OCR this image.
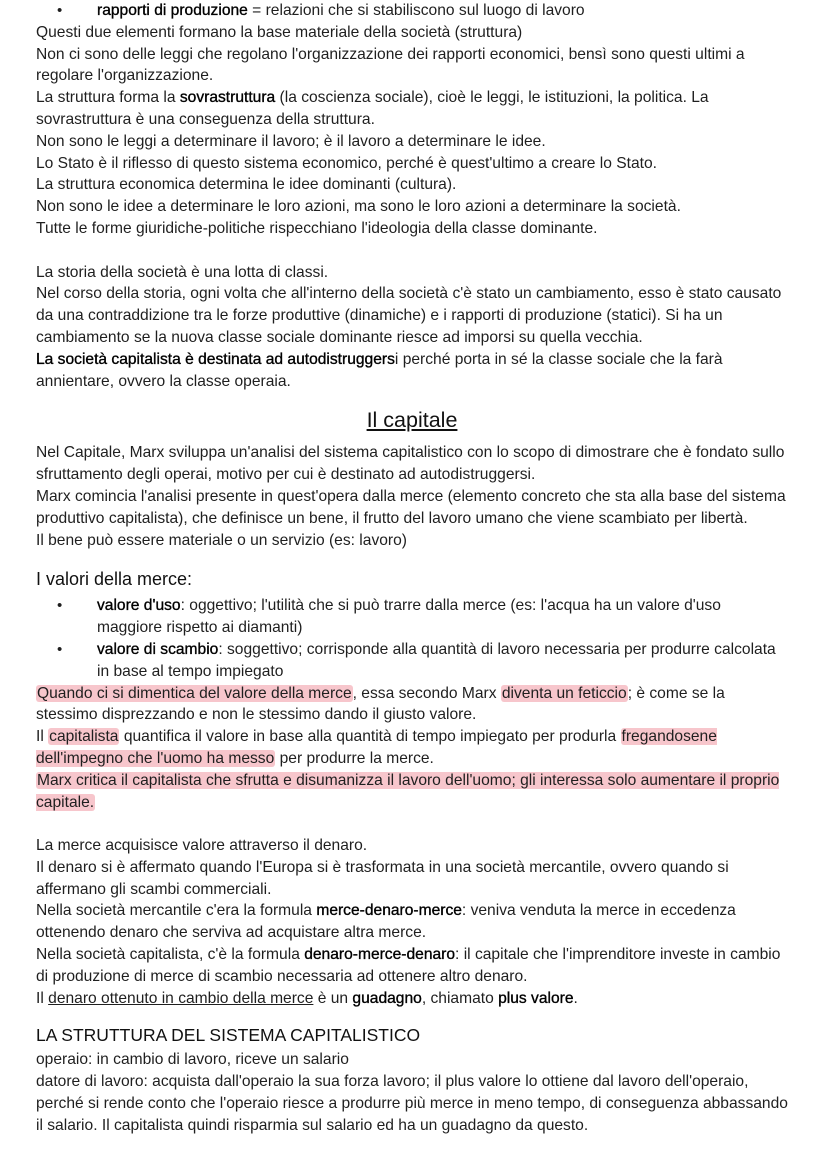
• rapporti di produzione = relazioni che si stabiliscono sul luogo di lavoro

Questi due elementi formano la base materiale della società (struttura)

Non ci sono delle leggi che regolano l'organizzazione dei rapporti economici, bensì sono questi ultimi a regolare l'organizzazione.

La struttura forma la sovrastruttura (la coscienza sociale), cioè le leggi, le istituzioni, la politica. La sovrastruttura è una conseguenza della struttura.

Non sono le leggi a determinare il lavoro; è il lavoro a determinare le idee.

Lo Stato è il riflesso di questo sistema economico, perché è quest'ultimo a creare lo Stato.

La struttura economica determina le idee dominanti (cultura).

Non sono le idee a determinare le loro azioni, ma sono le loro azioni a determinare la società.

Tutte le forme giuridiche-politiche rispecchiano l'ideologia della classe dominante.

La storia della società è una lotta di classi.

Nel corso della storia, ogni volta che all'interno della società c'è stato un cambiamento, esso è stato causato da una contraddizione tra le forze produttive (dinamiche) e i rapporti di produzione (statici). Si ha un cambiamento se la nuova classe sociale dominante riesce ad imporsi su quella vecchia.

La società capitalista è destinata ad autodistruggersi perché porta in sé la classe sociale che la farà annientare, ovvero la classe operaia.

Il capitale

Nel Capitale, Marx sviluppa un'analisi del sistema capitalistico con lo scopo di dimostrare che è fondato sullo sfruttamento degli operai, motivo per cui è destinato ad autodistruggersi.

Marx comincia l'analisi presente in quest'opera dalla merce (elemento concreto che sta alla base del sistema produttivo capitalista), che definisce un bene, il frutto del lavoro umano che viene scambiato per libertà.

Il bene può essere materiale o un servizio (es: lavoro)

I valori della merce:
• valore d'uso: oggettivo; l'utilità che si può trarre dalla merce (es: l'acqua ha un valore d'uso maggiore rispetto ai diamanti)
• valore di scambio: soggettivo; corrisponde alla quantità di lavoro necessaria per produrre calcolata in base al tempo impiegato

Quando ci si dimentica del valore della merce, essa secondo Marx diventa un feticcio; è come se la stessimo disprezzando e non le stessimo dando il giusto valore.

Il capitalista quantifica il valore in base alla quantità di tempo impiegato per produrla fregandosene dell'impegno che l'uomo ha messo per produrre la merce.

Marx critica il capitalista che sfrutta e disumanizza il lavoro dell'uomo; gli interessa solo aumentare il proprio capitale.

La merce acquisisce valore attraverso il denaro.

Il denaro si è affermato quando l'Europa si è trasformata in una società mercantile, ovvero quando si affermano gli scambi commerciali.

Nella società mercantile c'era la formula merce-denaro-merce: veniva venduta la merce in eccedenza ottenendo denaro che serviva ad acquistare altra merce.

Nella società capitalista, c'è la formula denaro-merce-denaro: il capitale che l'imprenditore investe in cambio di produzione di merce di scambio necessaria ad ottenere altro denaro.

Il denaro ottenuto in cambio della merce è un guadagno, chiamato plus valore.

LA STRUTTURA DEL SISTEMA CAPITALISTICO

operaio: in cambio di lavoro, riceve un salario

datore di lavoro: acquista dall'operaio la sua forza lavoro; il plus valore lo ottiene dal lavoro dell'operaio, perché si rende conto che l'operaio riesce a produrre più merce in meno tempo, di conseguenza abbassando il salario. Il capitalista quindi risparmia sul salario ed ha un guadagno da questo.
